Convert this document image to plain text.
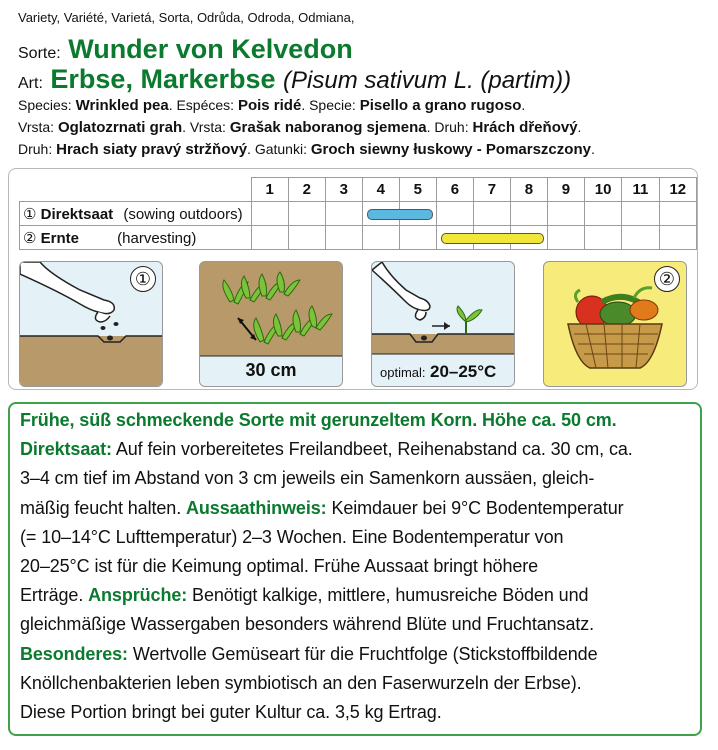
Variety, Variété, Varietá, Sorta, Odrůda, Odroda, Odmiana,
Sorte: Wunder von Kelvedon
Art: Erbse, Markerbse (Pisum sativum L. (partim))
Species: Wrinkled pea. Espéces: Pois ridé. Specie: Pisello a grano rugoso.
Vrsta: Oglatozrnati grah. Vrsta: Grašak naboranog sjemena. Druh: Hrách dřeňový.
Druh: Hrach siaty pravý stržňový. Gatunki: Groch siewny łuskowy - Pomarszczony.
	1	2	3	4	5	6	7	8	9	10	11	12
① Direktsaat (sowing outdoors)												
② Ernte (harvesting)												
①
30 cm	optimal: 20–25°C
②
Frühe, süß schmeckende Sorte mit gerunzeltem Korn. Höhe ca. 50 cm.
Direktsaat: Auf fein vorbereitetes Freilandbeet, Reihenabstand ca. 30 cm, ca.
3–4 cm tief im Abstand von 3 cm jeweils ein Samenkorn aussäen, gleich-
mäßig feucht halten. Aussaathinweis: Keimdauer bei 9°C Bodentemperatur
(= 10–14°C Lufttemperatur) 2–3 Wochen. Eine Bodentemperatur von
20–25°C ist für die Keimung optimal. Frühe Aussaat bringt höhere
Erträge. Ansprüche: Benötigt kalkige, mittlere, humusreiche Böden und
gleichmäßige Wassergaben besonders während Blüte und Fruchtansatz.
Besonderes: Wertvolle Gemüseart für die Fruchtfolge (Stickstoffbildende
Knöllchenbakterien leben symbiotisch an den Faserwurzeln der Erbse).
Diese Portion bringt bei guter Kultur ca. 3,5 kg Ertrag.
